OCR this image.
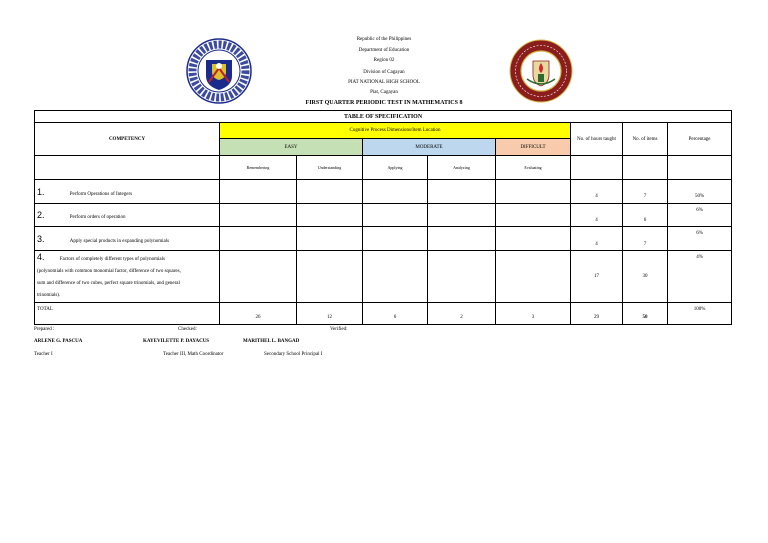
Republic of the Philippines
Department of Education
Region 02
Division of Cagayan
PIAT NATIONAL HIGH SCHOOL
Piat, Cagayan
FIRST QUARTER PERIODIC TEST IN MATHEMATICS 8
TABLE OF SPECIFICATION								
COMPETENCY	Cognitive Process Dimensions/Item Location					No. of hours taught	No. of items	Percentage
	EASY		MODERATE		DIFFICULT			
	Remembering	Understanding	Applying	Analyzing	Evaluating			
1. Perform Operations of Integers						4	7	50%
2. Perform orders of operation						4	6	6%
3. Apply special products in expanding polynomials						4	7	6%

4. Factors of completely different types of polynomials
(polynomials with common monomial factor, difference of two squares,
sum and difference of two cubes, perfect square trinomials, and general
trinomials).						17	30	4%
TOTAL	26	12	6	2	3	29	50	100%
Prepared :	Checked:	Verified:
ARLENE G. PASCUA	KAYEVILETTE P. DAYACUS	MARITHEL L. BANGAD
Teacher I	Teacher III, Math Coordinator	Secondary School Principal I
